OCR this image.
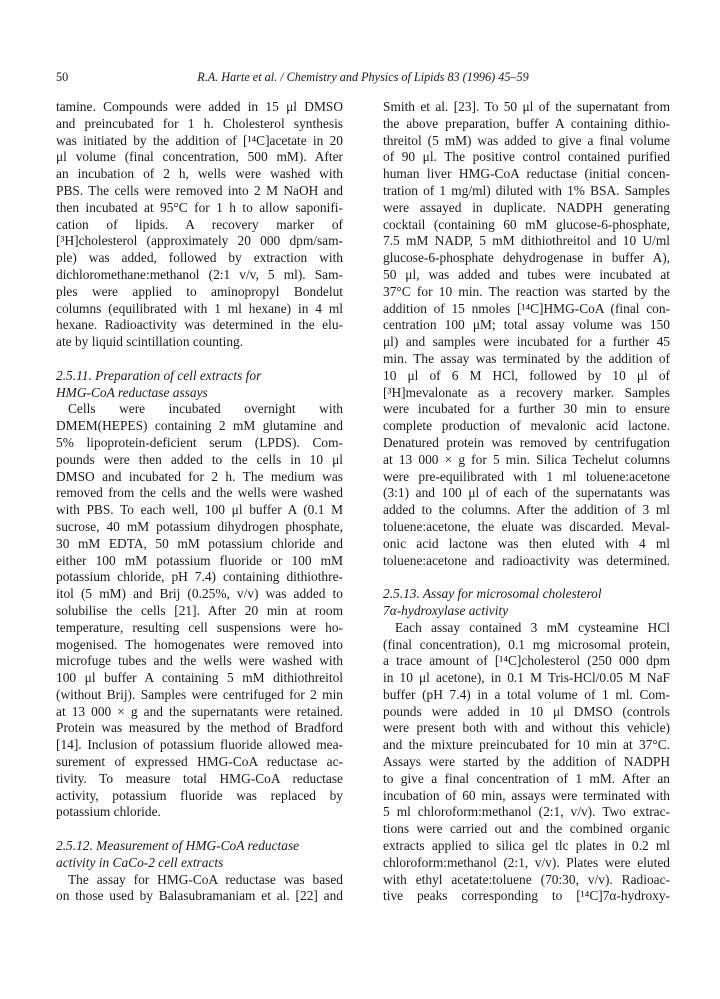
50	R.A. Harte et al. / Chemistry and Physics of Lipids 83 (1996) 45–59
tamine. Compounds were added in 15 μl DMSO
and preincubated for 1 h. Cholesterol synthesis
was initiated by the addition of [¹⁴C]acetate in 20
μl volume (final concentration, 500 mM). After
an incubation of 2 h, wells were washed with
PBS. The cells were removed into 2 M NaOH and
then incubated at 95°C for 1 h to allow saponifi-
cation of lipids. A recovery marker of
[³H]cholesterol (approximately 20 000 dpm/sam-
ple) was added, followed by extraction with
dichloromethane:methanol (2:1 v/v, 5 ml). Sam-
ples were applied to aminopropyl Bondelut
columns (equilibrated with 1 ml hexane) in 4 ml
hexane. Radioactivity was determined in the elu-
ate by liquid scintillation counting.
2.5.11. Preparation of cell extracts for
HMG-CoA reductase assays
Cells were incubated overnight with
DMEM(HEPES) containing 2 mM glutamine and
5% lipoprotein-deficient serum (LPDS). Com-
pounds were then added to the cells in 10 μl
DMSO and incubated for 2 h. The medium was
removed from the cells and the wells were washed
with PBS. To each well, 100 μl buffer A (0.1 M
sucrose, 40 mM potassium dihydrogen phosphate,
30 mM EDTA, 50 mM potassium chloride and
either 100 mM potassium fluoride or 100 mM
potassium chloride, pH 7.4) containing dithiothre-
itol (5 mM) and Brij (0.25%, v/v) was added to
solubilise the cells [21]. After 20 min at room
temperature, resulting cell suspensions were ho-
mogenised. The homogenates were removed into
microfuge tubes and the wells were washed with
100 μl buffer A containing 5 mM dithiothreitol
(without Brij). Samples were centrifuged for 2 min
at 13 000 × g and the supernatants were retained.
Protein was measured by the method of Bradford
[14]. Inclusion of potassium fluoride allowed mea-
surement of expressed HMG-CoA reductase ac-
tivity. To measure total HMG-CoA reductase
activity, potassium fluoride was replaced by
potassium chloride.
2.5.12. Measurement of HMG-CoA reductase
activity in CaCo-2 cell extracts
The assay for HMG-CoA reductase was based
on those used by Balasubramaniam et al. [22] and
Smith et al. [23]. To 50 μl of the supernatant from
the above preparation, buffer A containing dithio-
threitol (5 mM) was added to give a final volume
of 90 μl. The positive control contained purified
human liver HMG-CoA reductase (initial concen-
tration of 1 mg/ml) diluted with 1% BSA. Samples
were assayed in duplicate. NADPH generating
cocktail (containing 60 mM glucose-6-phosphate,
7.5 mM NADP, 5 mM dithiothreitol and 10 U/ml
glucose-6-phosphate dehydrogenase in buffer A),
50 μl, was added and tubes were incubated at
37°C for 10 min. The reaction was started by the
addition of 15 nmoles [¹⁴C]HMG-CoA (final con-
centration 100 μM; total assay volume was 150
μl) and samples were incubated for a further 45
min. The assay was terminated by the addition of
10 μl of 6 M HCl, followed by 10 μl of
[³H]mevalonate as a recovery marker. Samples
were incubated for a further 30 min to ensure
complete production of mevalonic acid lactone.
Denatured protein was removed by centrifugation
at 13 000 × g for 5 min. Silica Techelut columns
were pre-equilibrated with 1 ml toluene:acetone
(3:1) and 100 μl of each of the supernatants was
added to the columns. After the addition of 3 ml
toluene:acetone, the eluate was discarded. Meval-
onic acid lactone was then eluted with 4 ml
toluene:acetone and radioactivity was determined.
2.5.13. Assay for microsomal cholesterol
7α-hydroxylase activity
Each assay contained 3 mM cysteamine HCl
(final concentration), 0.1 mg microsomal protein,
a trace amount of [¹⁴C]cholesterol (250 000 dpm
in 10 μl acetone), in 0.1 M Tris-HCl/0.05 M NaF
buffer (pH 7.4) in a total volume of 1 ml. Com-
pounds were added in 10 μl DMSO (controls
were present both with and without this vehicle)
and the mixture preincubated for 10 min at 37°C.
Assays were started by the addition of NADPH
to give a final concentration of 1 mM. After an
incubation of 60 min, assays were terminated with
5 ml chloroform:methanol (2:1, v/v). Two extrac-
tions were carried out and the combined organic
extracts applied to silica gel tlc plates in 0.2 ml
chloroform:methanol (2:1, v/v). Plates were eluted
with ethyl acetate:toluene (70:30, v/v). Radioac-
tive peaks corresponding to [¹⁴C]7α-hydroxy-
